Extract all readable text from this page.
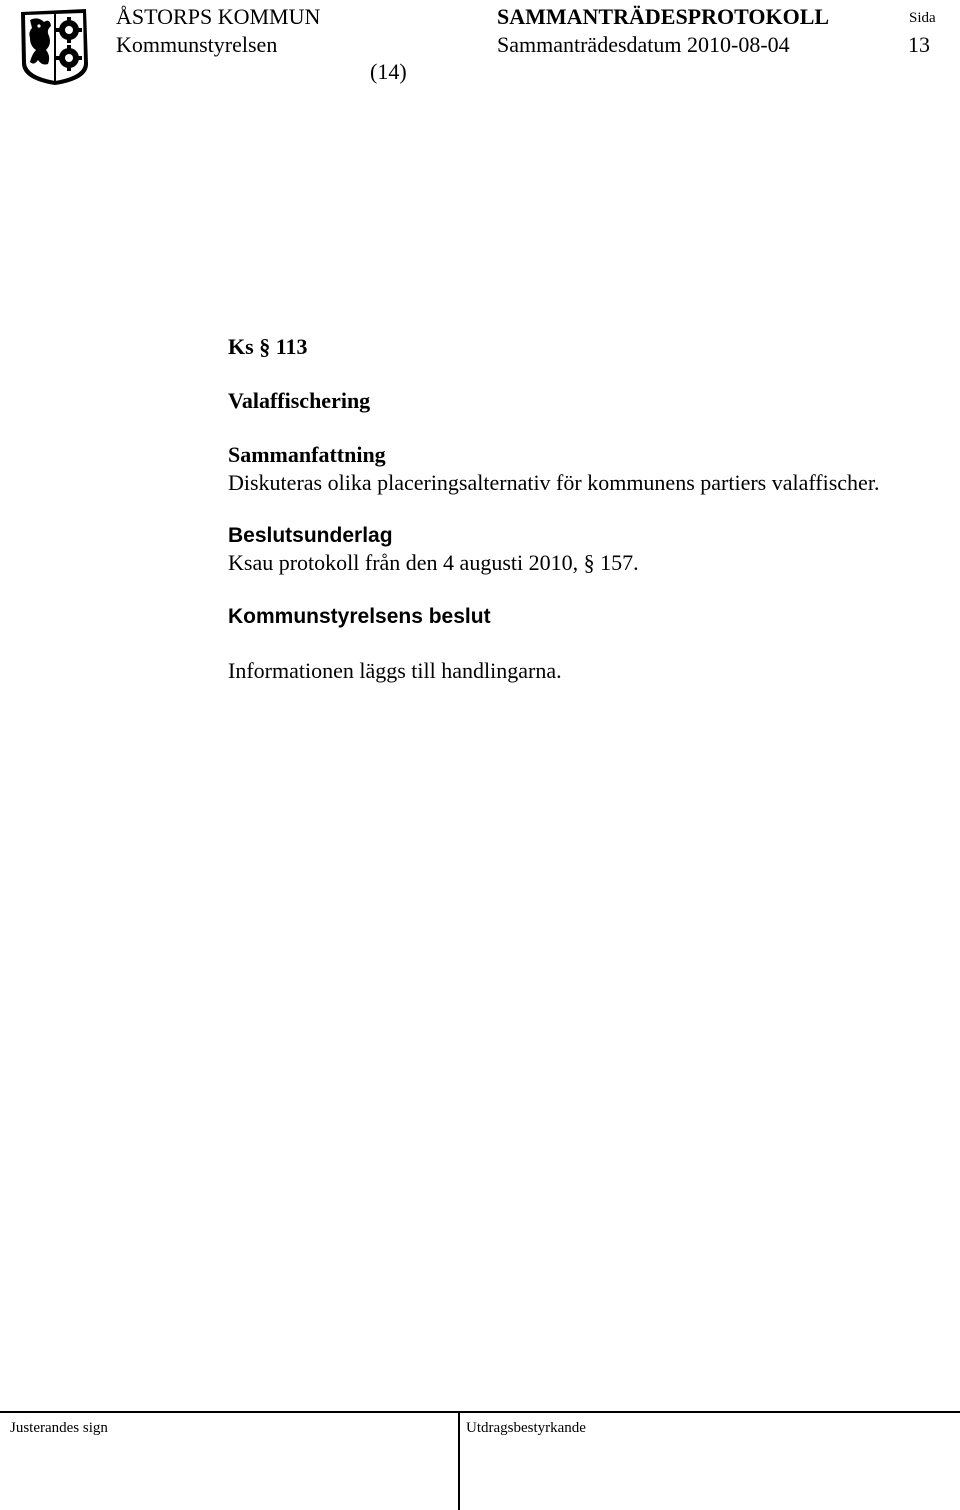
ÅSTORPS KOMMUN
Kommunstyrelsen
SAMMANTRÄDESPROTOKOLL
Sammanträdesdatum 2010-08-04
Sida
13
(14)
Ks § 113
Valaffischering
Sammanfattning
Diskuteras olika placeringsalternativ för kommunens partiers valaffischer.
Beslutsunderlag
Ksau protokoll från den 4 augusti 2010, § 157.
Kommunstyrelsens beslut
Informationen läggs till handlingarna.
Justerandes sign	Utdragsbestyrkande
